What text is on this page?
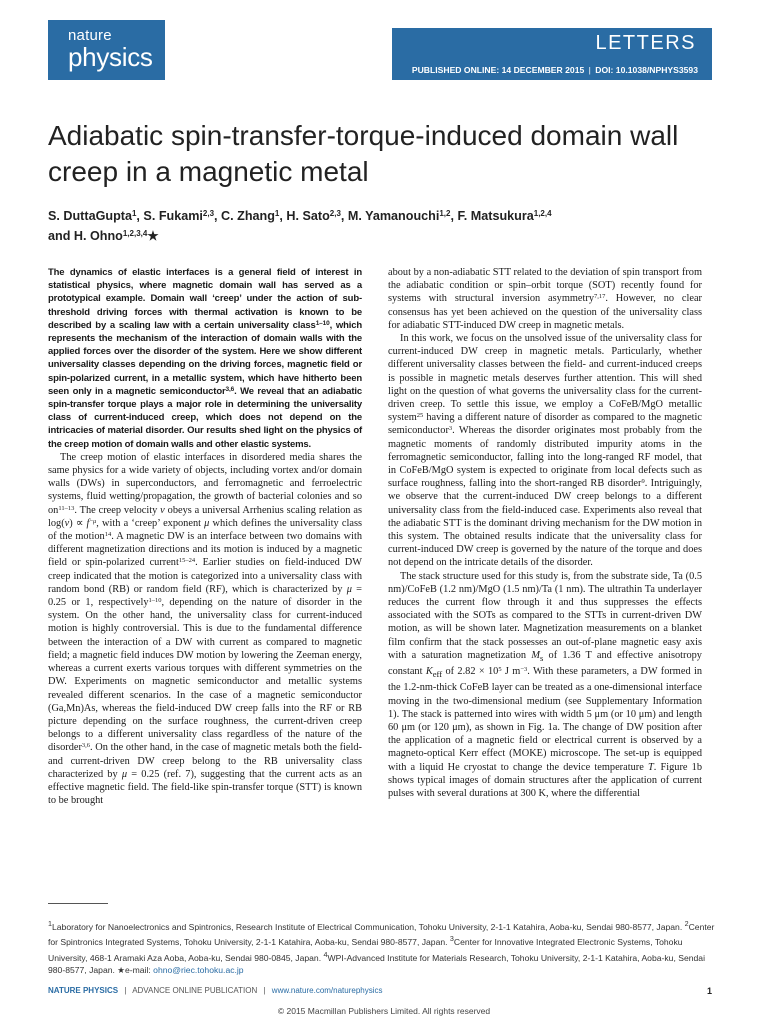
nature
physics	LETTERS
PUBLISHED ONLINE: 14 DECEMBER 2015 | DOI: 10.1038/NPHYS3593
Adiabatic spin-transfer-torque-induced domain wall creep in a magnetic metal
S. DuttaGupta$^1$, S. Fukami$^{2,3}$, C. Zhang$^1$, H. Sato$^{2,3}$, M. Yamanouchi$^{1,2}$, F. Matsukura$^{1,2,4}$
and H. Ohno$^{1,2,3,4}$★

The dynamics of elastic interfaces is a general field of interest in statistical physics, where magnetic domain wall has served as a prototypical example. Domain wall ‘creep’ under the action of sub-threshold driving forces with thermal activation is known to be described by a scaling law with a certain universality class$^{1-10}$, which represents the mechanism of the interaction of domain walls with the applied forces over the disorder of the system. Here we show different universality classes depending on the driving forces, magnetic field or spin-polarized current, in a metallic system, which have hitherto been seen only in a magnetic semiconductor$^{3,6}$. We reveal that an adiabatic spin-transfer torque plays a major role in determining the universality class of current-induced creep, which does not depend on the intricacies of material disorder. Our results shed light on the physics of the creep motion of domain walls and other elastic systems.

The creep motion of elastic interfaces in disordered media shares the same physics for a wide variety of objects, including vortex and/or domain walls (DWs) in superconductors, and ferromagnetic and ferroelectric systems, fluid wetting/propagation, the growth of bacterial colonies and so $on^{11-13}$. The creep velocity v obeys a universal Arrhenius scaling relation as $\log(v) \propto f^{-\mu}$, with a ‘creep’ exponent μ which defines the universality class of the motion$^{14}$. A magnetic DW is an interface between two domains with different magnetization directions and its motion is induced by a magnetic field or spin-polarized current$^{15-24}$. Earlier studies on field-induced DW creep indicated that the motion is categorized into a universality class with random bond (RB) or random field (RF), which is characterized by μ = 0.25 or 1, respectively$^{1-10}$, depending on the nature of disorder in the system. On the other hand, the universality class for current-induced motion is highly controversial. This is due to the fundamental difference between the interaction of a DW with current as compared to magnetic field; a magnetic field induces DW motion by lowering the Zeeman energy, whereas a current exerts various torques with different symmetries on the DW. Experiments on magnetic semiconductor and metallic systems revealed different scenarios. In the case of a magnetic semiconductor (Ga,Mn)As, whereas the field-induced DW creep falls into the RF or RB picture depending on the surface roughness, the current-driven creep belongs to a different universality class regardless of the nature of the disorder$^{3,6}$. On the other hand, in the case of magnetic metals both the field- and current-driven DW creep belong to the RB universality class characterized by μ = 0.25 (ref. 7), suggesting that the current acts as an effective magnetic field. The field-like spin-transfer torque (STT) is known to be brought

about by a non-adiabatic STT related to the deviation of spin transport from the adiabatic condition or spin–orbit torque (SOT) recently found for systems with structural inversion asymmetry$^{7,17}$. However, no clear consensus has yet been achieved on the question of the universality class for adiabatic STT-induced DW creep in magnetic metals.

In this work, we focus on the unsolved issue of the universality class for current-induced DW creep in magnetic metals. Particularly, whether different universality classes between the field- and current-induced creeps is possible in magnetic metals deserves further attention. This will shed light on the question of what governs the universality class for the current-driven creep. To settle this issue, we employ a CoFeB/MgO metallic system$^{25}$ having a different nature of disorder as compared to the magnetic semiconductor$^3$. Whereas the disorder originates most probably from the magnetic moments of randomly distributed impurity atoms in the ferromagnetic semiconductor, falling into the long-ranged RF model, that in CoFeB/MgO system is expected to originate from local defects such as surface roughness, falling into the short-ranged RB disorder$^9$. Intriguingly, we observe that the current-induced DW creep belongs to a different universality class from the field-induced case. Experiments also reveal that the adiabatic STT is the dominant driving mechanism for the DW motion in this system. The obtained results indicate that the universality class for current-induced DW creep is governed by the nature of the torque and does not depend on the intricate details of the disorder.

The stack structure used for this study is, from the substrate side, Ta (0.5 nm)/CoFeB (1.2 nm)/MgO (1.5 nm)/Ta (1 nm). The ultrathin Ta underlayer reduces the current flow through it and thus suppresses the effects associated with the SOTs as compared to the STTs in current-driven DW motion, as will be shown later. Magnetization measurements on a blanket film confirm that the stack possesses an out-of-plane magnetic easy axis with a saturation magnetization $M_s$ of 1.36 T and effective anisotropy constant $K_{eff}$ of $2.82 \times 10^5$ J $m^{-3}$. With these parameters, a DW formed in the 1.2-nm-thick CoFeB layer can be treated as a one-dimensional interface moving in the two-dimensional medium (see Supplementary Information 1). The stack is patterned into wires with width 5 μm (or 10 μm) and length 60 μm (or 120 μm), as shown in Fig. 1a. The change of DW position after the application of a magnetic field or electrical current is observed by a magneto-optical Kerr effect (MOKE) microscope. The set-up is equipped with a liquid He cryostat to change the device temperature T. Figure 1b shows typical images of domain structures after the application of current pulses with several durations at 300 K, where the differential

$^1$Laboratory for Nanoelectronics and Spintronics, Research Institute of Electrical Communication, Tohoku University, 2-1-1 Katahira, Aoba-ku, Sendai 980-8577, Japan. $^2$Center for Spintronics Integrated Systems, Tohoku University, 2-1-1 Katahira, Aoba-ku, Sendai 980-8577, Japan. $^3$Center for Innovative Integrated Electronic Systems, Tohoku University, 468-1 Aramaki Aza Aoba, Aoba-ku, Sendai 980-0845, Japan. $^4$WPI-Advanced Institute for Materials Research, Tohoku University, 2-1-1 Katahira, Aoba-ku, Sendai 980-8577, Japan. ★e-mail: ohno@riec.tohoku.ac.jp
NATURE PHYSICS | ADVANCE ONLINE PUBLICATION | www.nature.com/naturephysics	1
© 2015 Macmillan Publishers Limited. All rights reserved
